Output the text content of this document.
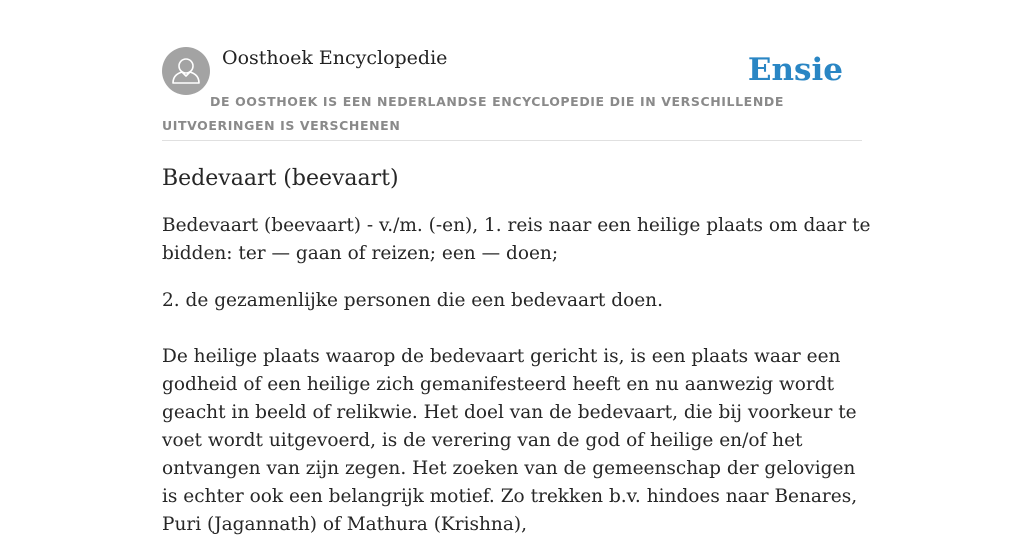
Oosthoek Encyclopedie	Ensie
DE OOSTHOEK IS EEN NEDERLANDSE ENCYCLOPEDIE DIE IN VERSCHILLENDE UITVOERINGEN IS VERSCHENEN
Bedevaart (beevaart)

Bedevaart (beevaart) - v./m. (-en), 1. reis naar een heilige plaats om daar te bidden: ter — gaan of reizen; een — doen;

2. de gezamenlijke personen die een bedevaart doen.

De heilige plaats waarop de bedevaart gericht is, is een plaats waar een godheid of een heilige zich gemanifesteerd heeft en nu aanwezig wordt geacht in beeld of relikwie. Het doel van de bedevaart, die bij voorkeur te voet wordt uitgevoerd, is de verering van de god of heilige en/of het ontvangen van zijn zegen. Het zoeken van de gemeenschap der gelovigen is echter ook een belangrijk motief. Zo trekken b.v. hindoes naar Benares, Puri (Jagannath) of Mathura (Krishna),
